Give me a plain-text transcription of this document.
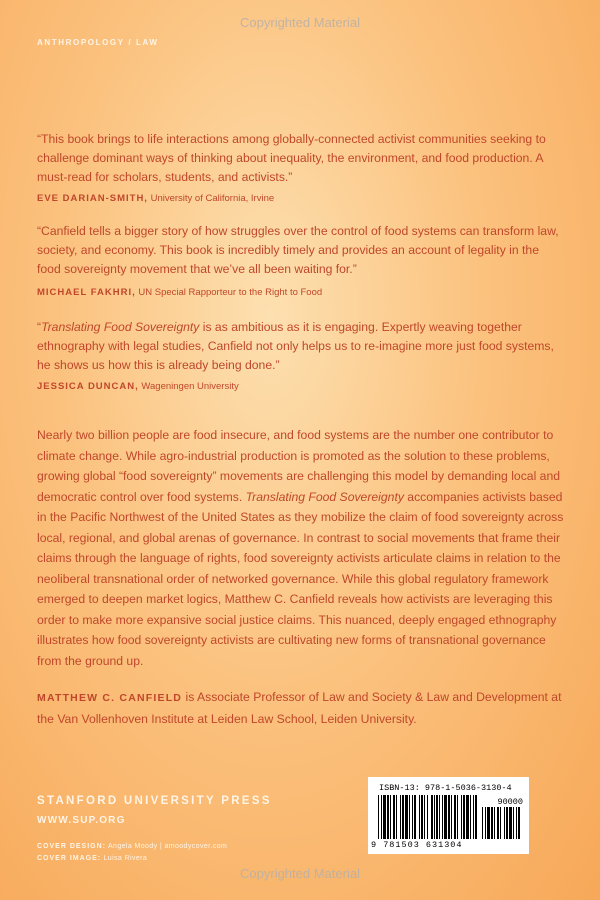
Copyrighted Material
ANTHROPOLOGY / LAW

“This book brings to life interactions among globally-connected activist communities seeking to challenge dominant ways of thinking about inequality, the environment, and food production. A must-read for scholars, students, and activists.”

EVE DARIAN-SMITH, University of California, Irvine

“Canfield tells a bigger story of how struggles over the control of food systems can transform law, society, and economy. This book is incredibly timely and provides an account of legality in the food sovereignty movement that we’ve all been waiting for.”

MICHAEL FAKHRI, UN Special Rapporteur to the Right to Food

“Translating Food Sovereignty is as ambitious as it is engaging. Expertly weaving together ethnography with legal studies, Canfield not only helps us to re-imagine more just food systems, he shows us how this is already being done.”

JESSICA DUNCAN, Wageningen University

Nearly two billion people are food insecure, and food systems are the number one contributor to climate change. While agro-industrial production is promoted as the solution to these problems, growing global “food sovereignty” movements are challenging this model by demanding local and democratic control over food systems. Translating Food Sovereignty accompanies activists based in the Pacific Northwest of the United States as they mobilize the claim of food sovereignty across local, regional, and global arenas of governance. In contrast to social movements that frame their claims through the language of rights, food sovereignty activists articulate claims in relation to the neoliberal transnational order of networked governance. While this global regulatory framework emerged to deepen market logics, Matthew C. Canfield reveals how activists are leveraging this order to make more expansive social justice claims. This nuanced, deeply engaged ethnography illustrates how food sovereignty activists are cultivating new forms of transnational governance from the ground up.

MATTHEW C. CANFIELD is Associate Professor of Law and Society & Law and Development at the Van Vollenhoven Institute at Leiden Law School, Leiden University.

STANFORD UNIVERSITY PRESS
WWW.SUP.ORG
COVER DESIGN: Angela Moody | amoodycover.com
COVER IMAGE: Luisa Rivera
ISBN-13: 978-1-5036-3130-4
90000
9 781503 631304
Copyrighted Material
